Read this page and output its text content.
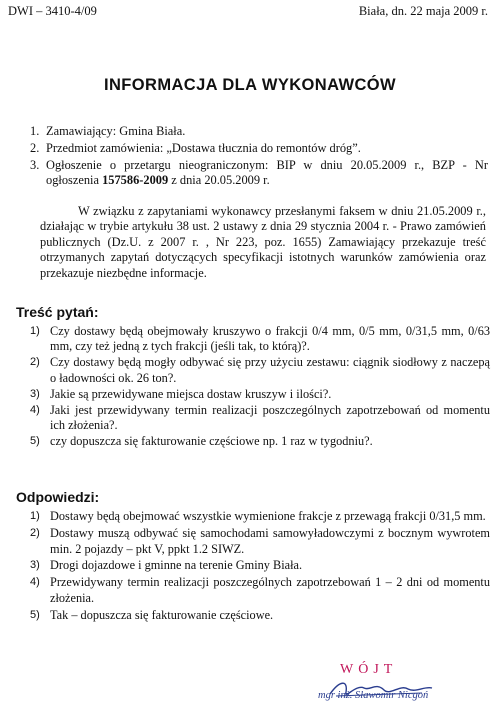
DWI – 3410-4/09	Biała, dn. 22 maja 2009 r.
INFORMACJA DLA WYKONAWCÓW
1. Zamawiający: Gmina Biała.
2. Przedmiot zamówienia: „Dostawa tłucznia do remontów dróg”.
3. Ogłoszenie o przetargu nieograniczonym: BIP w dniu 20.05.2009 r., BZP - Nr ogłoszenia 157586-2009 z dnia 20.05.2009 r.
W związku z zapytaniami wykonawcy przesłanymi faksem w dniu 21.05.2009 r., działając w trybie artykułu 38 ust. 2 ustawy z dnia 29 stycznia 2004 r. - Prawo zamówień publicznych (Dz.U. z 2007 r. , Nr 223, poz. 1655) Zamawiający przekazuje treść otrzymanych zapytań dotyczących specyfikacji istotnych warunków zamówienia oraz przekazuje niezbędne informacje.
Treść pytań:
1) Czy dostawy będą obejmowały kruszywo o frakcji 0/4 mm, 0/5 mm, 0/31,5 mm, 0/63 mm, czy też jedną z tych frakcji (jeśli tak, to którą)?.
2) Czy dostawy będą mogły odbywać się przy użyciu zestawu: ciągnik siodłowy z naczepą o ładowności ok. 26 ton?.
3) Jakie są przewidywane miejsca dostaw kruszyw i ilości?.
4) Jaki jest przewidywany termin realizacji poszczególnych zapotrzebowań od momentu ich złożenia?.
5) czy dopuszcza się fakturowanie częściowe np. 1 raz w tygodniu?.
Odpowiedzi:
1) Dostawy będą obejmować wszystkie wymienione frakcje z przewagą frakcji 0/31,5 mm.
2) Dostawy muszą odbywać się samochodami samowyładowczymi z bocznym wywrotem min. 2 pojazdy – pkt V, ppkt 1.2 SIWZ.
3) Drogi dojazdowe i gminne na terenie Gminy Biała.
4) Przewidywany termin realizacji poszczególnych zapotrzebowań 1 – 2 dni od momentu złożenia.
5) Tak – dopuszcza się fakturowanie częściowe.
WÓJT
mgr inż. Sławomir Nicgoń
